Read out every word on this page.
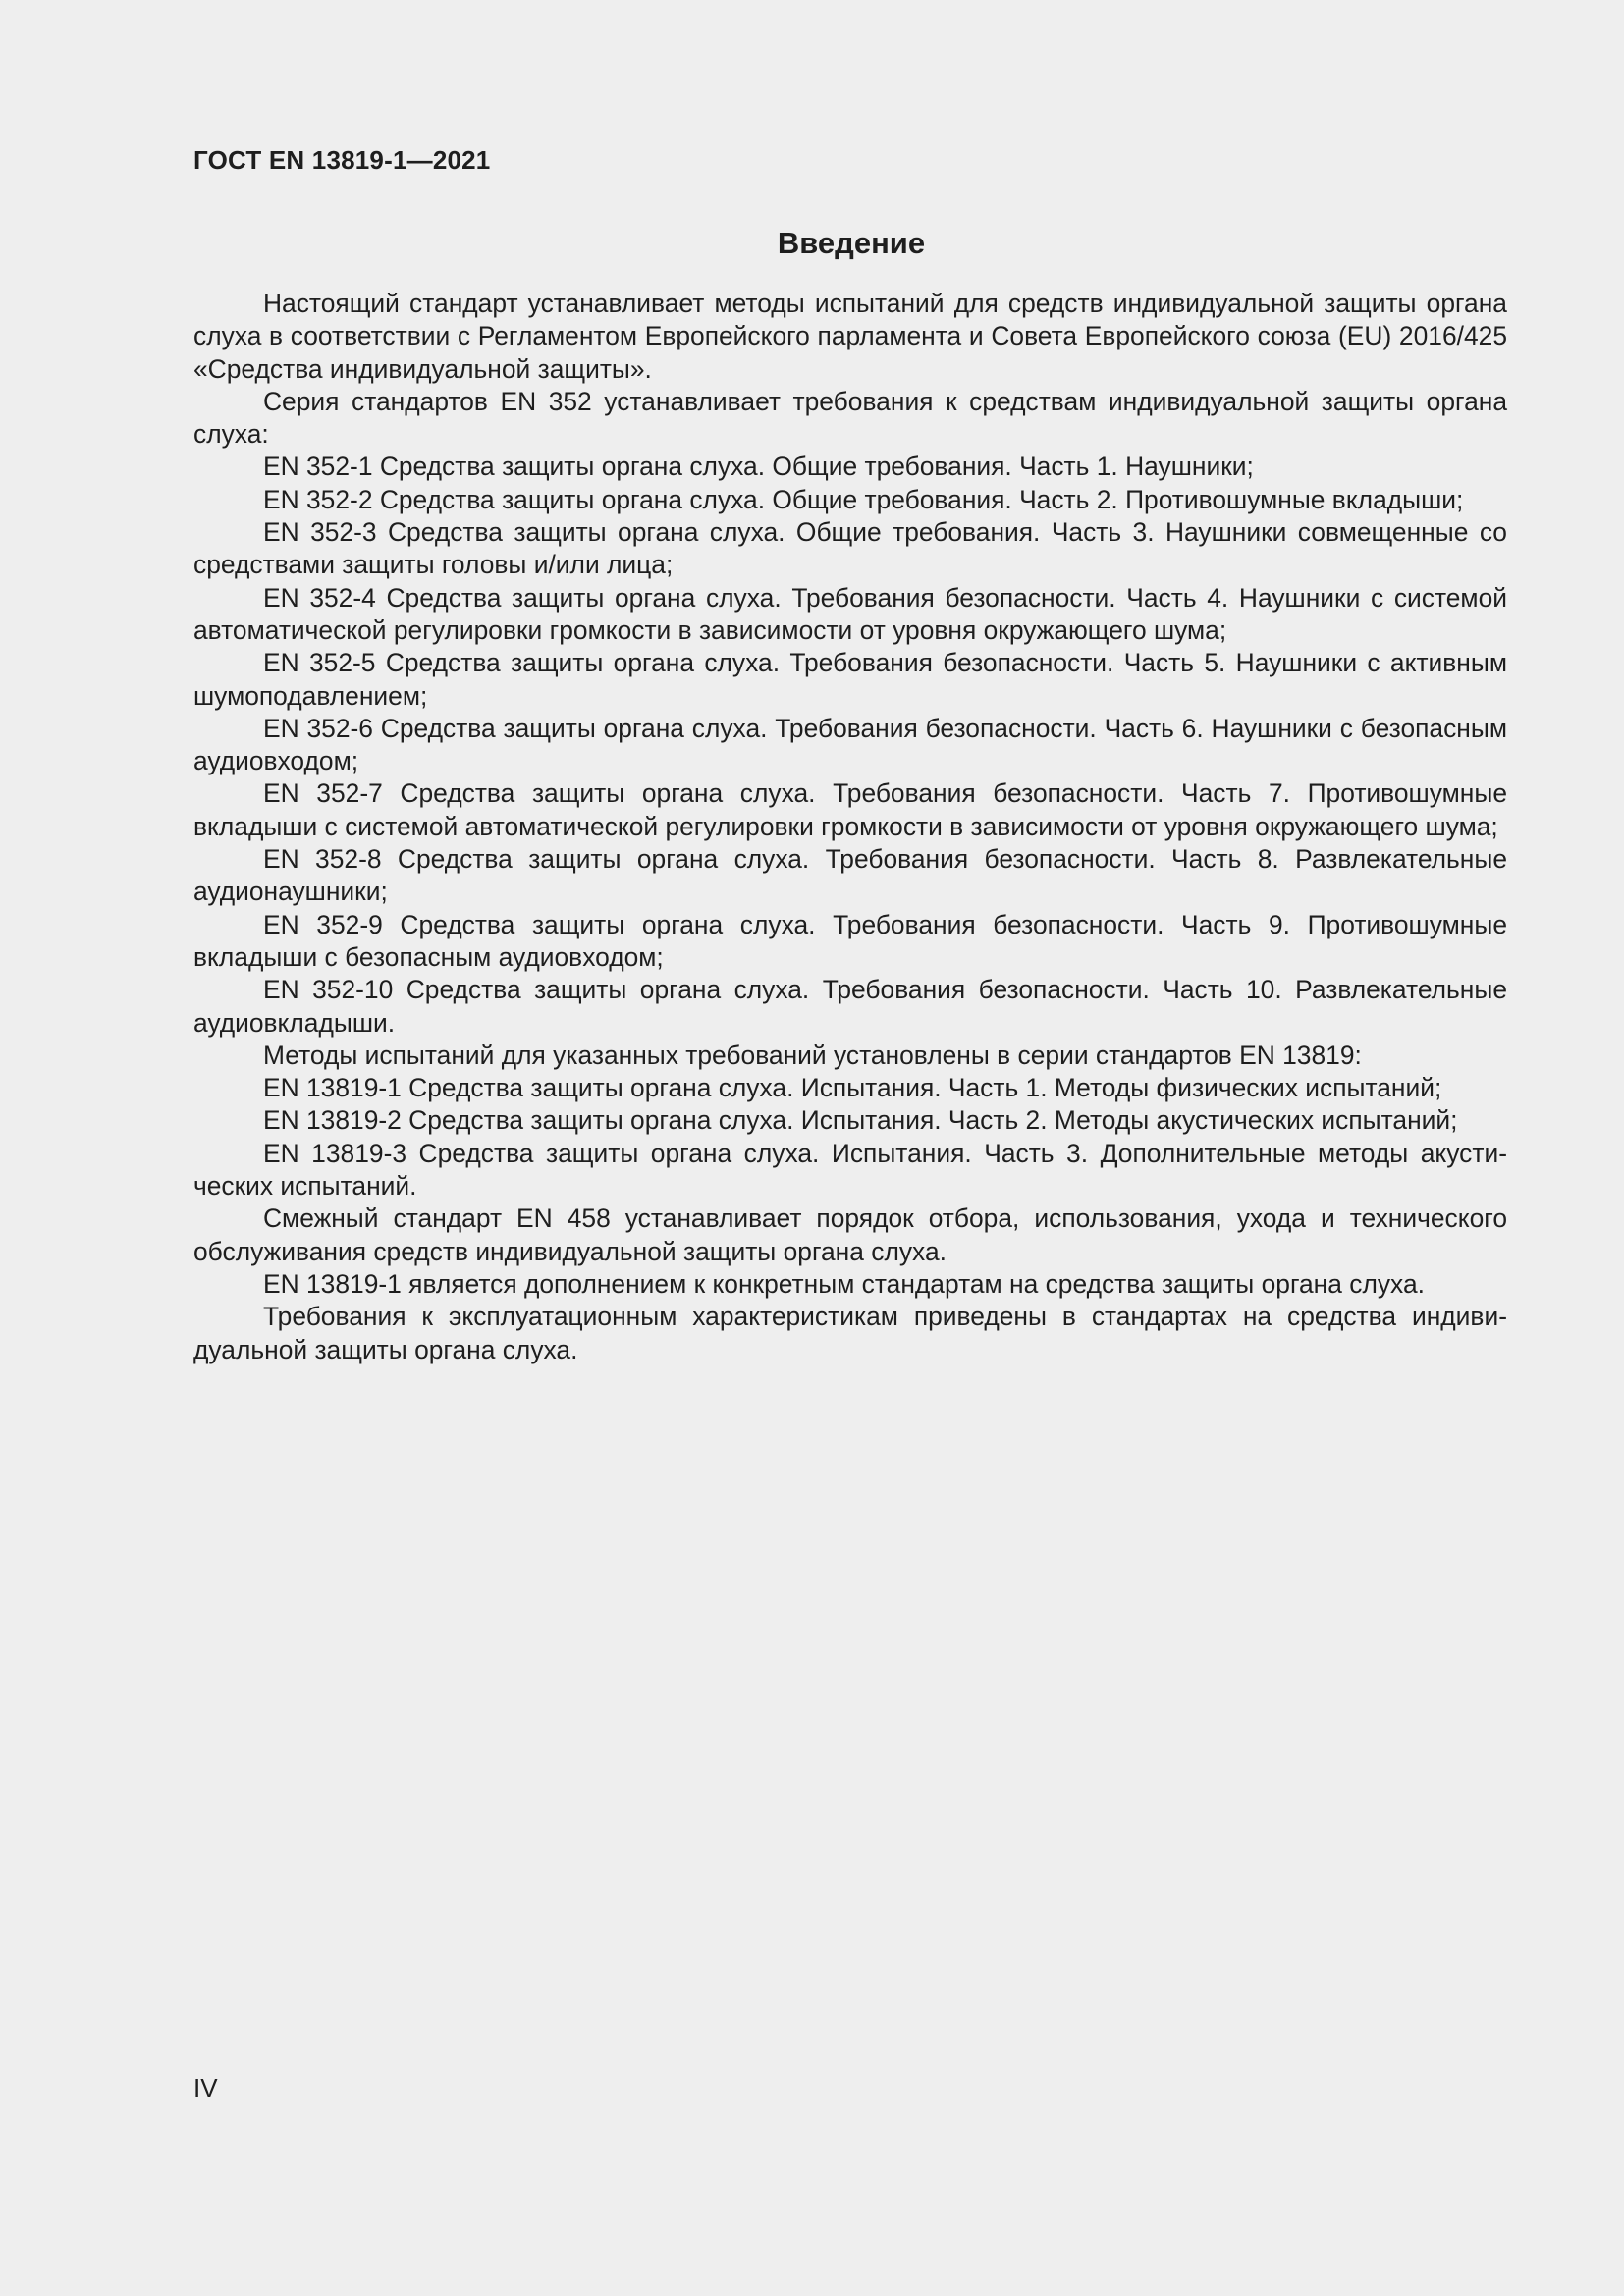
ГОСТ EN 13819-1—2021
Введение

Настоящий стандарт устанавливает методы испытаний для средств индивидуальной защиты органа слуха в соответствии с Регламентом Европейского парламента и Совета Европейского союза (EU) 2016/425 «Средства индивидуальной защиты».

Серия стандартов EN 352 устанавливает требования к средствам индивидуальной защиты органа слуха:

EN 352-1 Средства защиты органа слуха. Общие требования. Часть 1. Наушники;

EN 352-2 Средства защиты органа слуха. Общие требования. Часть 2. Противошумные вкладыши;

EN 352-3 Средства защиты органа слуха. Общие требования. Часть 3. Наушники совмещенные со средствами защиты головы и/или лица;

EN 352-4 Средства защиты органа слуха. Требования безопасности. Часть 4. Наушники с системой автоматической регулировки громкости в зависимости от уровня окружающего шума;

EN 352-5 Средства защиты органа слуха. Требования безопасности. Часть 5. Наушники с активным шумоподавлением;

EN 352-6 Средства защиты органа слуха. Требования безопасности. Часть 6. Наушники с безопасным аудиовходом;

EN 352-7 Средства защиты органа слуха. Требования безопасности. Часть 7. Противошумные вкладыши с системой автоматической регулировки громкости в зависимости от уровня окружающего шума;

EN 352-8 Средства защиты органа слуха. Требования безопасности. Часть 8. Развлекательные аудионаушники;

EN 352-9 Средства защиты органа слуха. Требования безопасности. Часть 9. Противошумные вкладыши с безопасным аудиовходом;

EN 352-10 Средства защиты органа слуха. Требования безопасности. Часть 10. Развлекательные аудиовкладыши.

Методы испытаний для указанных требований установлены в серии стандартов EN 13819:

EN 13819-1 Средства защиты органа слуха. Испытания. Часть 1. Методы физических испытаний;

EN 13819-2 Средства защиты органа слуха. Испытания. Часть 2. Методы акустических испытаний;

EN 13819-3 Средства защиты органа слуха. Испытания. Часть 3. Дополнительные методы акустических испытаний.

Смежный стандарт EN 458 устанавливает порядок отбора, использования, ухода и технического обслуживания средств индивидуальной защиты органа слуха.

EN 13819-1 является дополнением к конкретным стандартам на средства защиты органа слуха.

Требования к эксплуатационным характеристикам приведены в стандартах на средства индивидуальной защиты органа слуха.

IV
